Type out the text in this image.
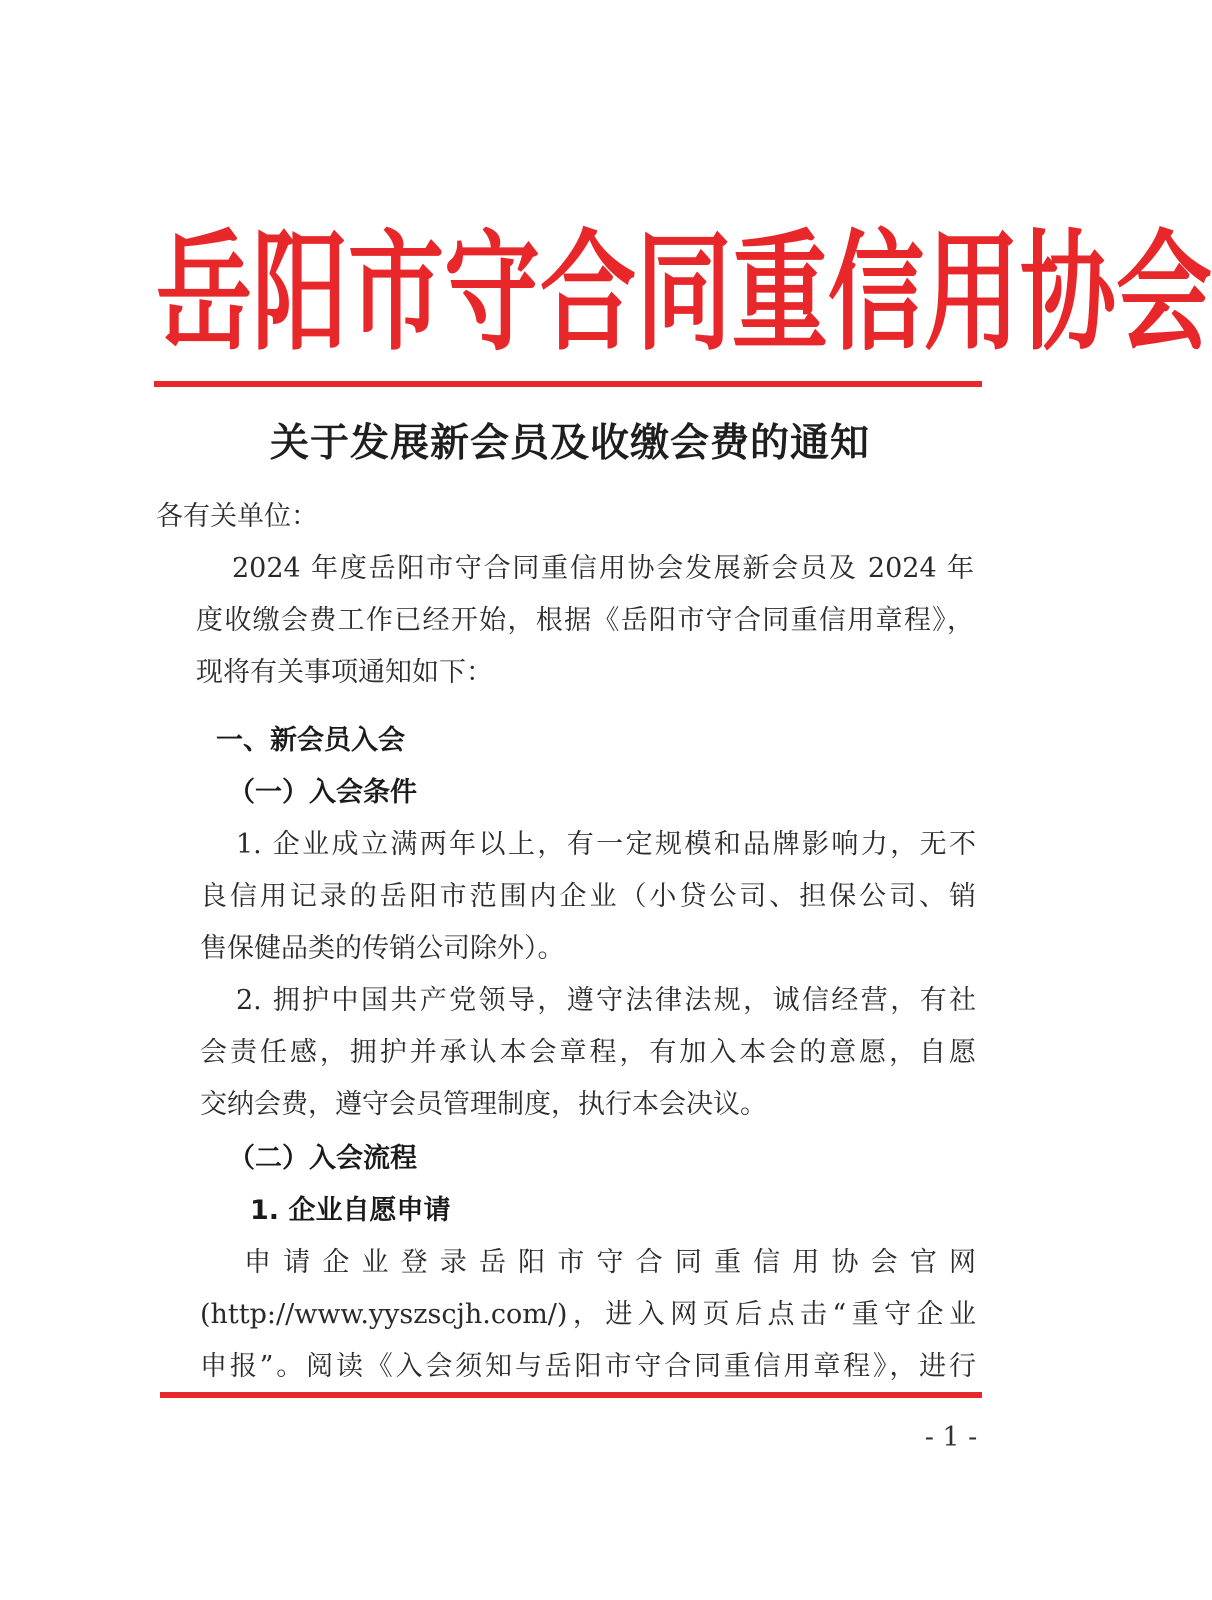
岳 阳 市 守 合 同 重 信 用 协 会
关于发展新会员及收缴会费的通知
各有关单位：
2024 年度岳阳市守合同重信用协会发展新会员及 2024 年
度收缴会费工作已经开始，根据《岳阳市守合同重信用章程》，
现将有关事项通知如下：
一、新会员入会
（一）入会条件
1. 企业成立满两年以上，有一定规模和品牌影响力，无不
良信用记录的岳阳市范围内企业（小贷公司、担保公司、销
售保健品类的传销公司除外）。
2. 拥护中国共产党领导，遵守法律法规，诚信经营，有社
会责任感，拥护并承认本会章程，有加入本会的意愿，自愿
交纳会费，遵守会员管理制度，执行本会决议。
（二）入会流程
1. 企业自愿申请
申请企业登录岳阳市守合同重信用协会官网
(http://www.yyszscjh.com/)，进入网页后点击“重守企业
申报”。阅读《入会须知与岳阳市守合同重信用章程》，进行
- 1 -
